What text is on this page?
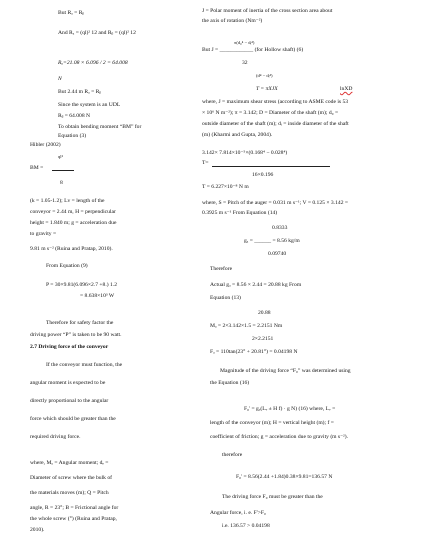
But Rₐ = Rᵦ
And Rₐ = (ql)² 12 and Rᵦ = (ql)² 12
Rₐ=21.08 × 6.096 / 2 = 64.008
N
But 2.44 m Rₐ = Rᵦ
Since the system is an UDL
Rᵦ = 64.008 N
To obtain bending moment “BM” for
Equation (3)
Hibler (2002)
ql²
BM =
8
(k = 1.05-1.2); Lv = length of the
conveyor = 2.44 m, H = perpendicular
height = 1.840 m; g = acceleration due
to gravity =
9.81 m s⁻² (Ruina and Pratap, 2010).
From Equation (9)
P = 30×9.81(6.096×2.7 +8.) 1.2
= 8.638×10³ W
Therefore for safety factor the
driving power “P” is taken to be 90 watt.
2.7 Driving force of the conveyor
If the conveyor must function, the
angular moment is expected to be
directly proportional to the angular
force which should be greater than the
required driving force.
where, Mₐ = Angular moment; dₑ =
Diameter of screw where the bulk of
the materials moves (m); Q = Pitch
angle, R = 23°; B = Frictional angle for
the whole screw (°) (Ruina and Pratap,
2010).
J = Polar moment of inertia of the cross section area about
the axis of rotation (Nm⁻²)
π(d₀⁴ − dᵢ⁴)
But J = ____________ (for Hollow shaft) (6)
32
(d⁴ − dᵢ⁴)
T = πXJX	lnXD
where, J = maximum shear stress (according to ASME code is 53
× 10⁶ N m⁻²); π = 3.142; D = Diameter of the shaft (m); d₀ =
outside diameter of the shaft (m); dᵢ = inside diameter of the shaft
(m) (Kharmi and Gupta, 2004).
3.142× 7.814×10⁻⁵×(0.168⁴ − 0.028⁴)
T=
16×0.196
T = 6.227×10⁻⁸ N m
where, S = Pitch of the auger = 0.031 m s⁻¹; V = 0.125 × 3.142 =
0.3925 m s⁻¹ From Equation (14)
0.8333
gₐ = ______ = 8.56 kg/m
0.09740
Therefore
Actual gₐ = 8.56 × 2.44 = 20.88 kg From
Equation (13)
20.88
Mₐ = 2×3.142×1.5 = 2.2151 Nm
2×2.2151
Fₐ = 110tan(23° + 20.81°) = 0.04198 N
Magnitude of the driving force “F₀” was determined using
the Equation (16)
F₀' = gₐ(Lᵥ ± H f) · g N) (16) where, Lᵥ =
length of the conveyor (m); H = vertical height (m); f =
coefficient of friction; g = acceleration due to gravity (m s⁻²).
therefore
F₀' = 8.56(2.44 +1.84)0.38×9.81=136.57 N
The driving force F₀ must be greater than the
Angular force, i. e. F'>F₀
i.e. 136.57 > 0.04198
